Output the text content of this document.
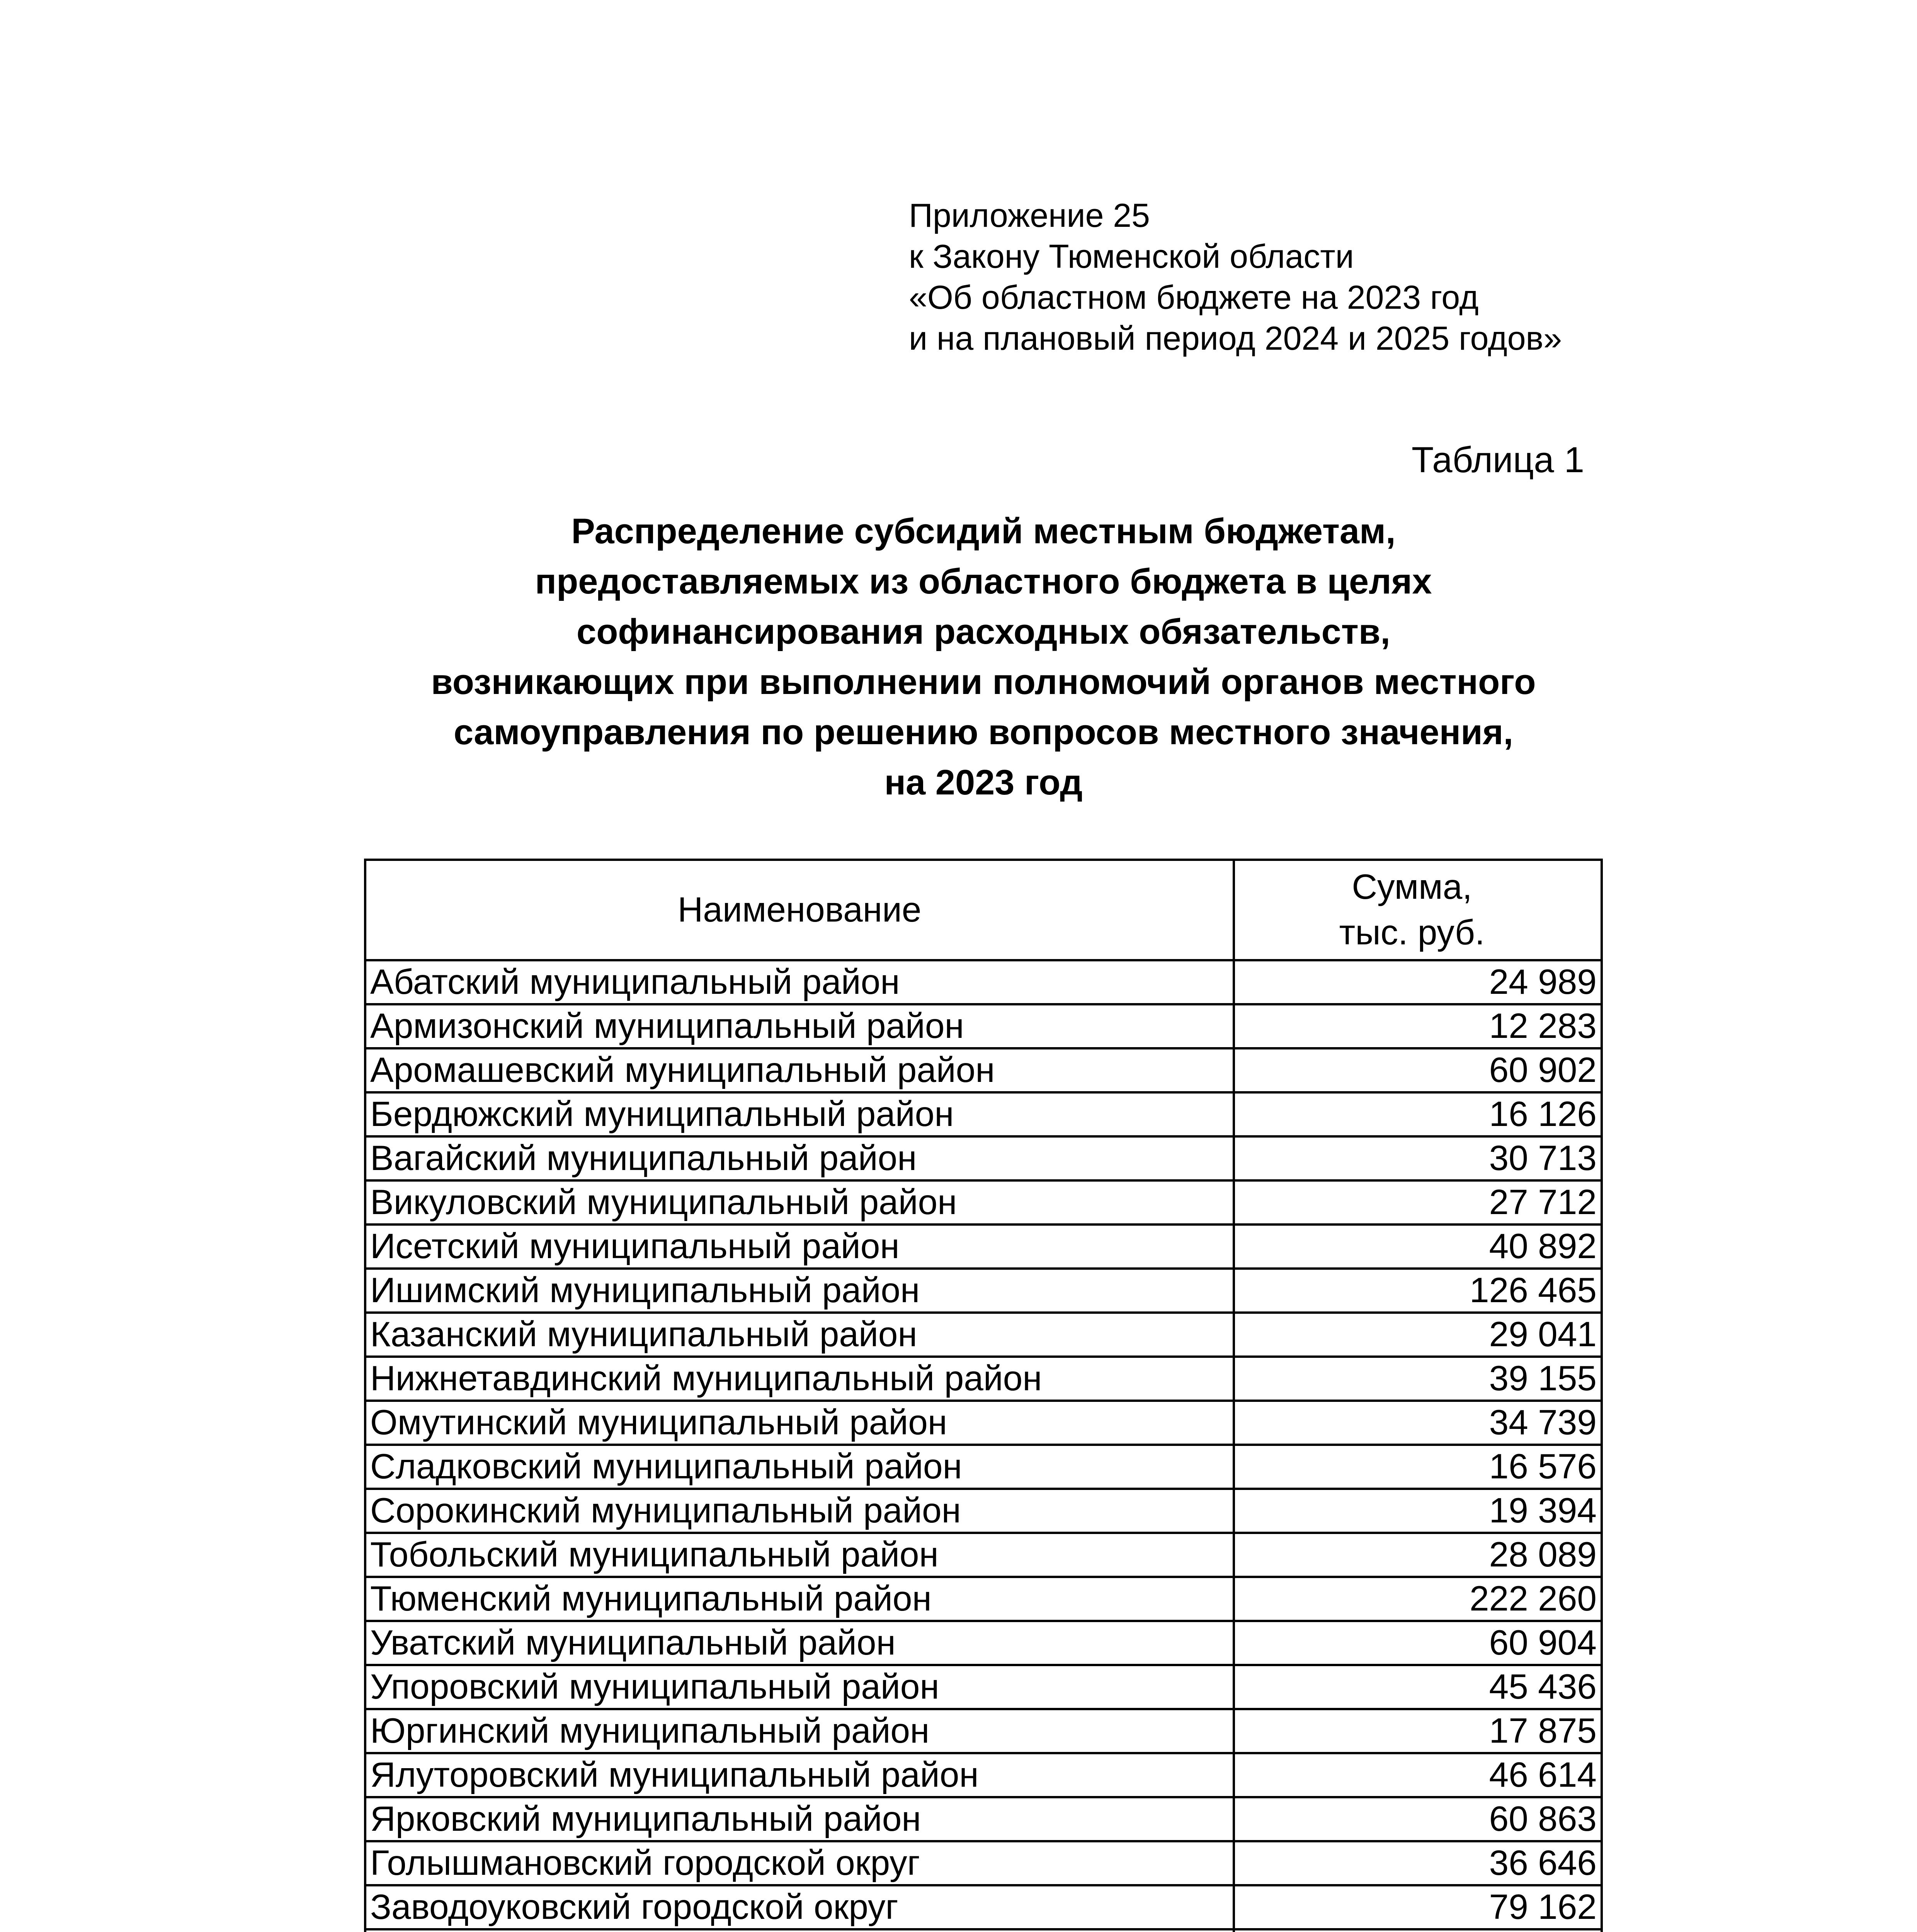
Приложение 25
к Закону Тюменской области
«Об областном бюджете на 2023 год
и на плановый период 2024 и 2025 годов»
Таблица 1
Распределение субсидий местным бюджетам,
предоставляемых из областного бюджета в целях
софинансирования расходных обязательств,
возникающих при выполнении полномочий органов местного
самоуправления по решению вопросов местного значения,
на 2023 год
Наименование	Сумма,
тыс. руб.

Абатский муниципальный район	24 989
Армизонский муниципальный район	12 283
Аромашевский муниципальный район	60 902
Бердюжский муниципальный район	16 126
Вагайский муниципальный район	30 713
Викуловский муниципальный район	27 712
Исетский муниципальный район	40 892
Ишимский муниципальный район	126 465
Казанский муниципальный район	29 041
Нижнетавдинский муниципальный район	39 155
Омутинский муниципальный район	34 739
Сладковский муниципальный район	16 576
Сорокинский муниципальный район	19 394
Тобольский муниципальный район	28 089
Тюменский муниципальный район	222 260
Уватский муниципальный район	60 904
Упоровский муниципальный район	45 436
Юргинский муниципальный район	17 875
Ялуторовский муниципальный район	46 614
Ярковский муниципальный район	60 863
Голышмановский городской округ	36 646
Заводоуковский городской округ	79 162
